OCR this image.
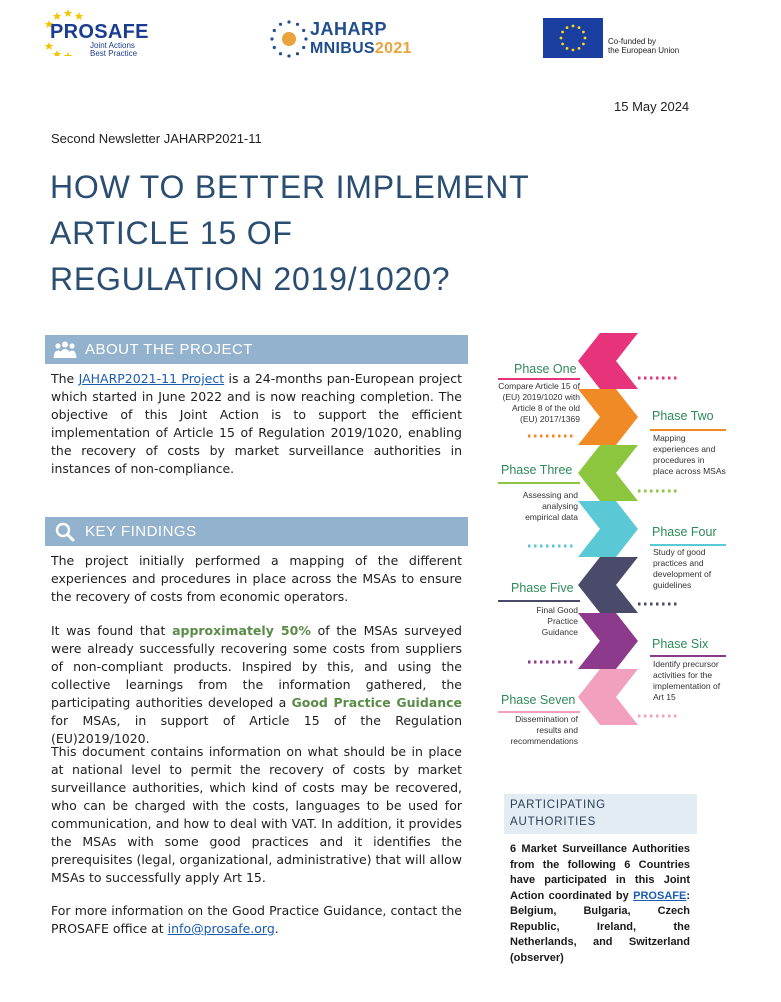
PROSAFE
Joint Actions
Best Practice
JAHARP
MNIBUS2021	Co-funded by
the European Union
15 May 2024
Second Newsletter JAHARP2021-11
HOW TO BETTER IMPLEMENT
ARTICLE 15 OF
REGULATION 2019/1020?
ABOUT THE PROJECT
The JAHARP2021-11 Project is a 24-months pan-European project which started in June 2022 and is now reaching completion. The objective of this Joint Action is to support the efficient implementation of Article 15 of Regulation 2019/1020, enabling the recovery of costs by market surveillance authorities in instances of non-compliance.
KEY FINDINGS
The project initially performed a mapping of the different experiences and procedures in place across the MSAs to ensure the recovery of costs from economic operators.
It was found that approximately 50% of the MSAs surveyed were already successfully recovering some costs from suppliers of non-compliant products. Inspired by this, and using the collective learnings from the information gathered, the participating authorities developed a Good Practice Guidance for MSAs, in support of Article 15 of the Regulation (EU)2019/1020.
This document contains information on what should be in place at national level to permit the recovery of costs by market surveillance authorities, which kind of costs may be recovered, who can be charged with the costs, languages to be used for communication, and how to deal with VAT. In addition, it provides the MSAs with some good practices and it identifies the prerequisites (legal, organizational, administrative) that will allow MSAs to successfully apply Art 15.
For more information on the Good Practice Guidance, contact the PROSAFE office at info@prosafe.org.
Phase One
Compare Article 15 of
(EU) 2019/1020 with
Article 8 of the old
(EU) 2017/1369	Phase Two
Mapping
experiences and
procedures in
place across MSAs
Phase Three
Assessing and
analysing
empirical data
Phase Four
Study of good
practices and
development of
guidelines
Phase Five
Final Good
Practice
Guidance
Phase Six
Identify precursor
activities for the
implementation of
Art 15
Phase Seven
Dissemination of
results and
recommendations
PARTICIPATING AUTHORITIES
6 Market Surveillance Authorities from the following 6 Countries have participated in this Joint Action coordinated by PROSAFE: Belgium, Bulgaria, Czech Republic, Ireland, the Netherlands, and Switzerland (observer)
